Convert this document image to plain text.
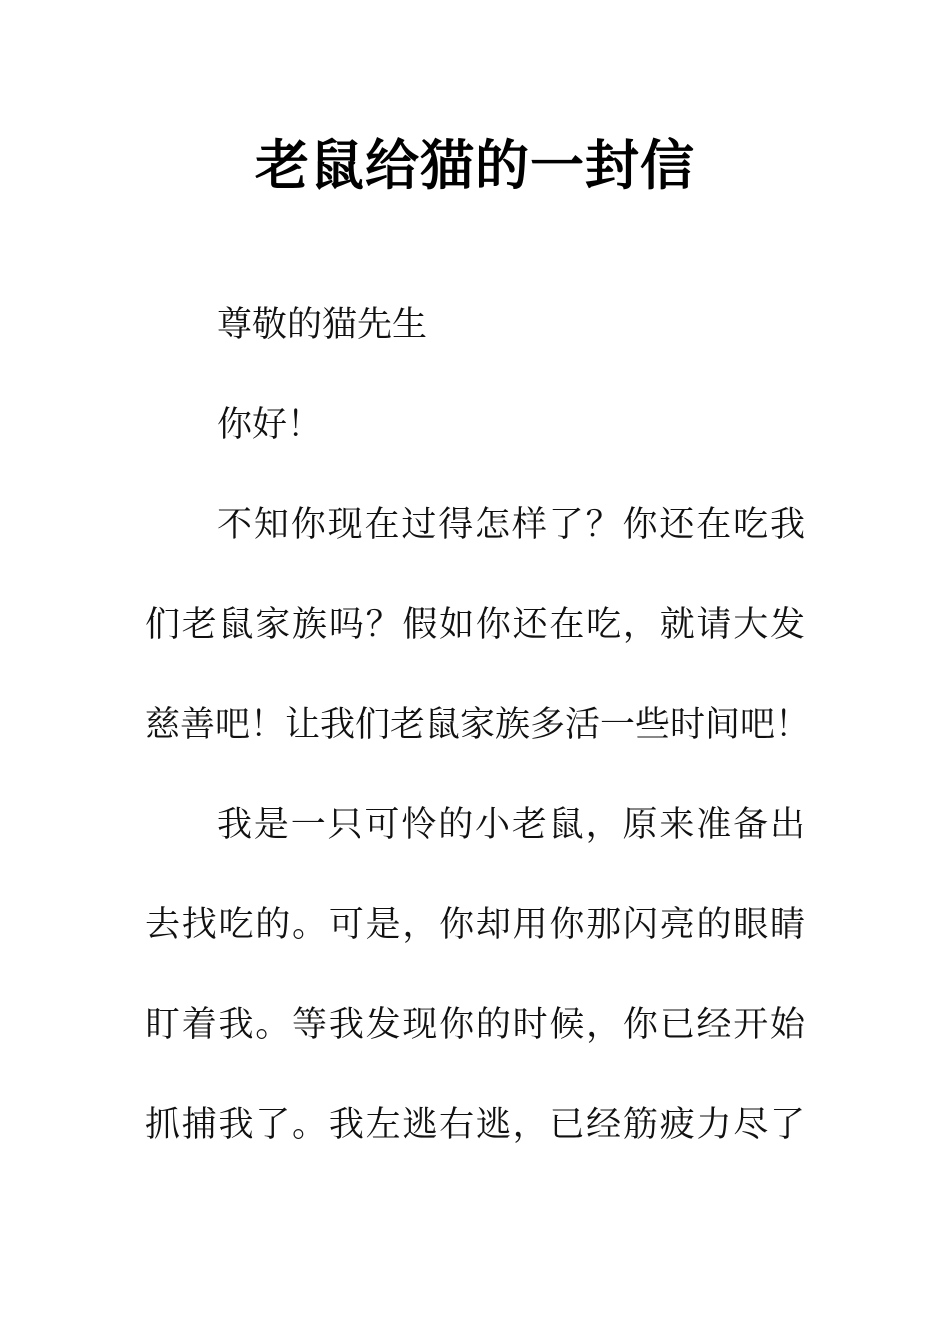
老鼠给猫的一封信

尊敬的猫先生

你好！

不知你现在过得怎样了？你还在吃我

们老鼠家族吗？假如你还在吃，就请大发

慈善吧！让我们老鼠家族多活一些时间吧！

我是一只可怜的小老鼠，原来准备出

去找吃的。可是，你却用你那闪亮的眼睛

盯着我。等我发现你的时候，你已经开始

抓捕我了。我左逃右逃，已经筋疲力尽了
